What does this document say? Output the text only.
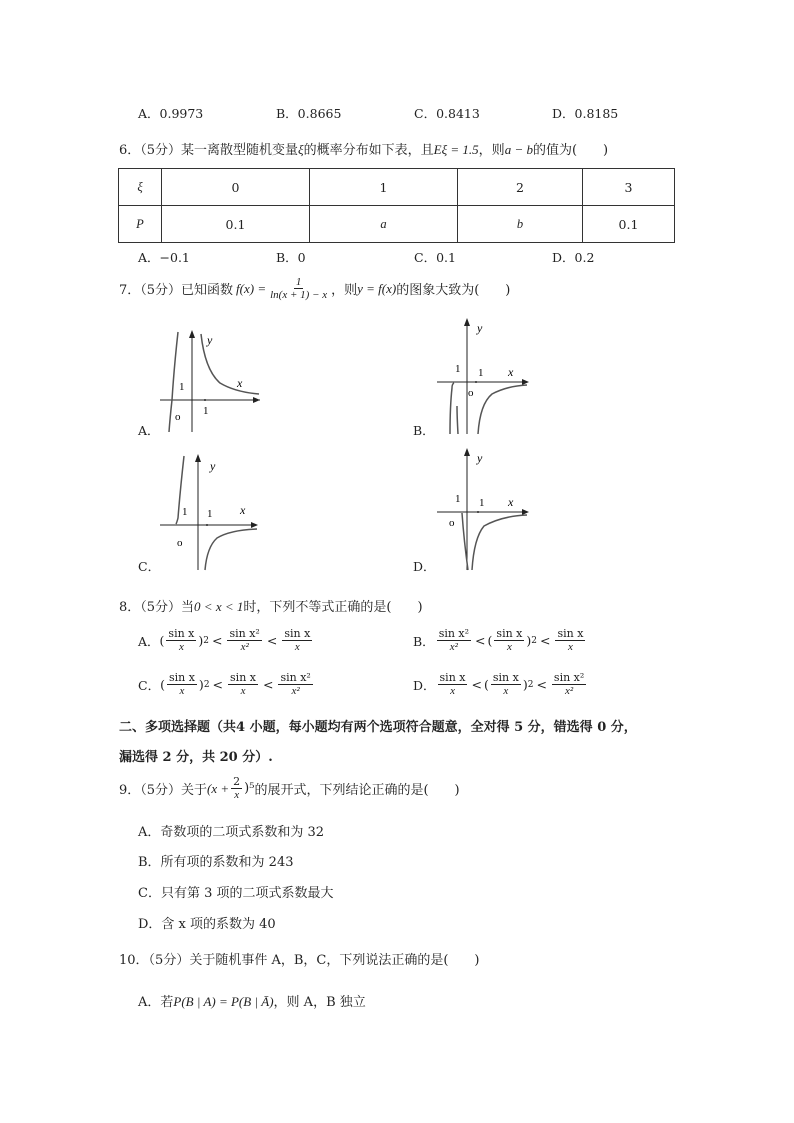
A．0.9973	B．0.8665	C．0.8413	D．0.8185
6．（5分）某一离散型随机变量ξ的概率分布如下表，且Eξ = 1.5，则a − b的值为(　　)
ξ	0	1	2	3
P	0.1	a	b	0.1
A．−0.1	B．0	C．0.1	D．0.2
7．（5分）已知函数 $f(x) = \frac{1}{\ln(x + 1) - x}$ ，则 y = f(x) 的图象大致为(　　)
y
x
1
1
o
A．
y
x
1 1
o
B．
y
x
1 1
o
C．
y
x
1 1
o
D．
8．（5分）当0 < x < 1时，下列不等式正确的是(　　)
A． ( $\frac{\text{sin x}}{x}$ ) $2 < \frac{\text{sin x²}}{\text{x²}} < \frac{\text{sin x}}{x}$	B． $\frac{\text{sin x²}}{\text{x²}}$ < ( $\frac{\text{sin x}}{x}$ ) $2 < \frac{\text{sin x}}{x}$
C． ( $\frac{\text{sin x}}{x}$ ) $2 < \frac{\text{sin x}}{x} < \frac{\text{sin x²}}{\text{x²}}$	D． $\frac{\text{sin x}}{x}$ < ( $\frac{\text{sin x}}{x}$ ) $2 < \frac{\text{sin x²}}{\text{x²}}$
二、多项选择题（共4 小题，每小题均有两个选项符合题意，全对得 5 分，错选得 0 分，
漏选得 2 分，共 20 分）.
9．（5分）关于 $(x + \frac{2}{x} )^5$ 的展开式，下列结论正确的是(　　)
A．奇数项的二项式系数和为 32
B．所有项的系数和为 243
C．只有第 3 项的二项式系数最大
D．含 x 项的系数为 40
10．（5分）关于随机事件 A，B，C，下列说法正确的是(　　)
A．若P(B | A) = P(B | Ā)，则 A，B 独立
